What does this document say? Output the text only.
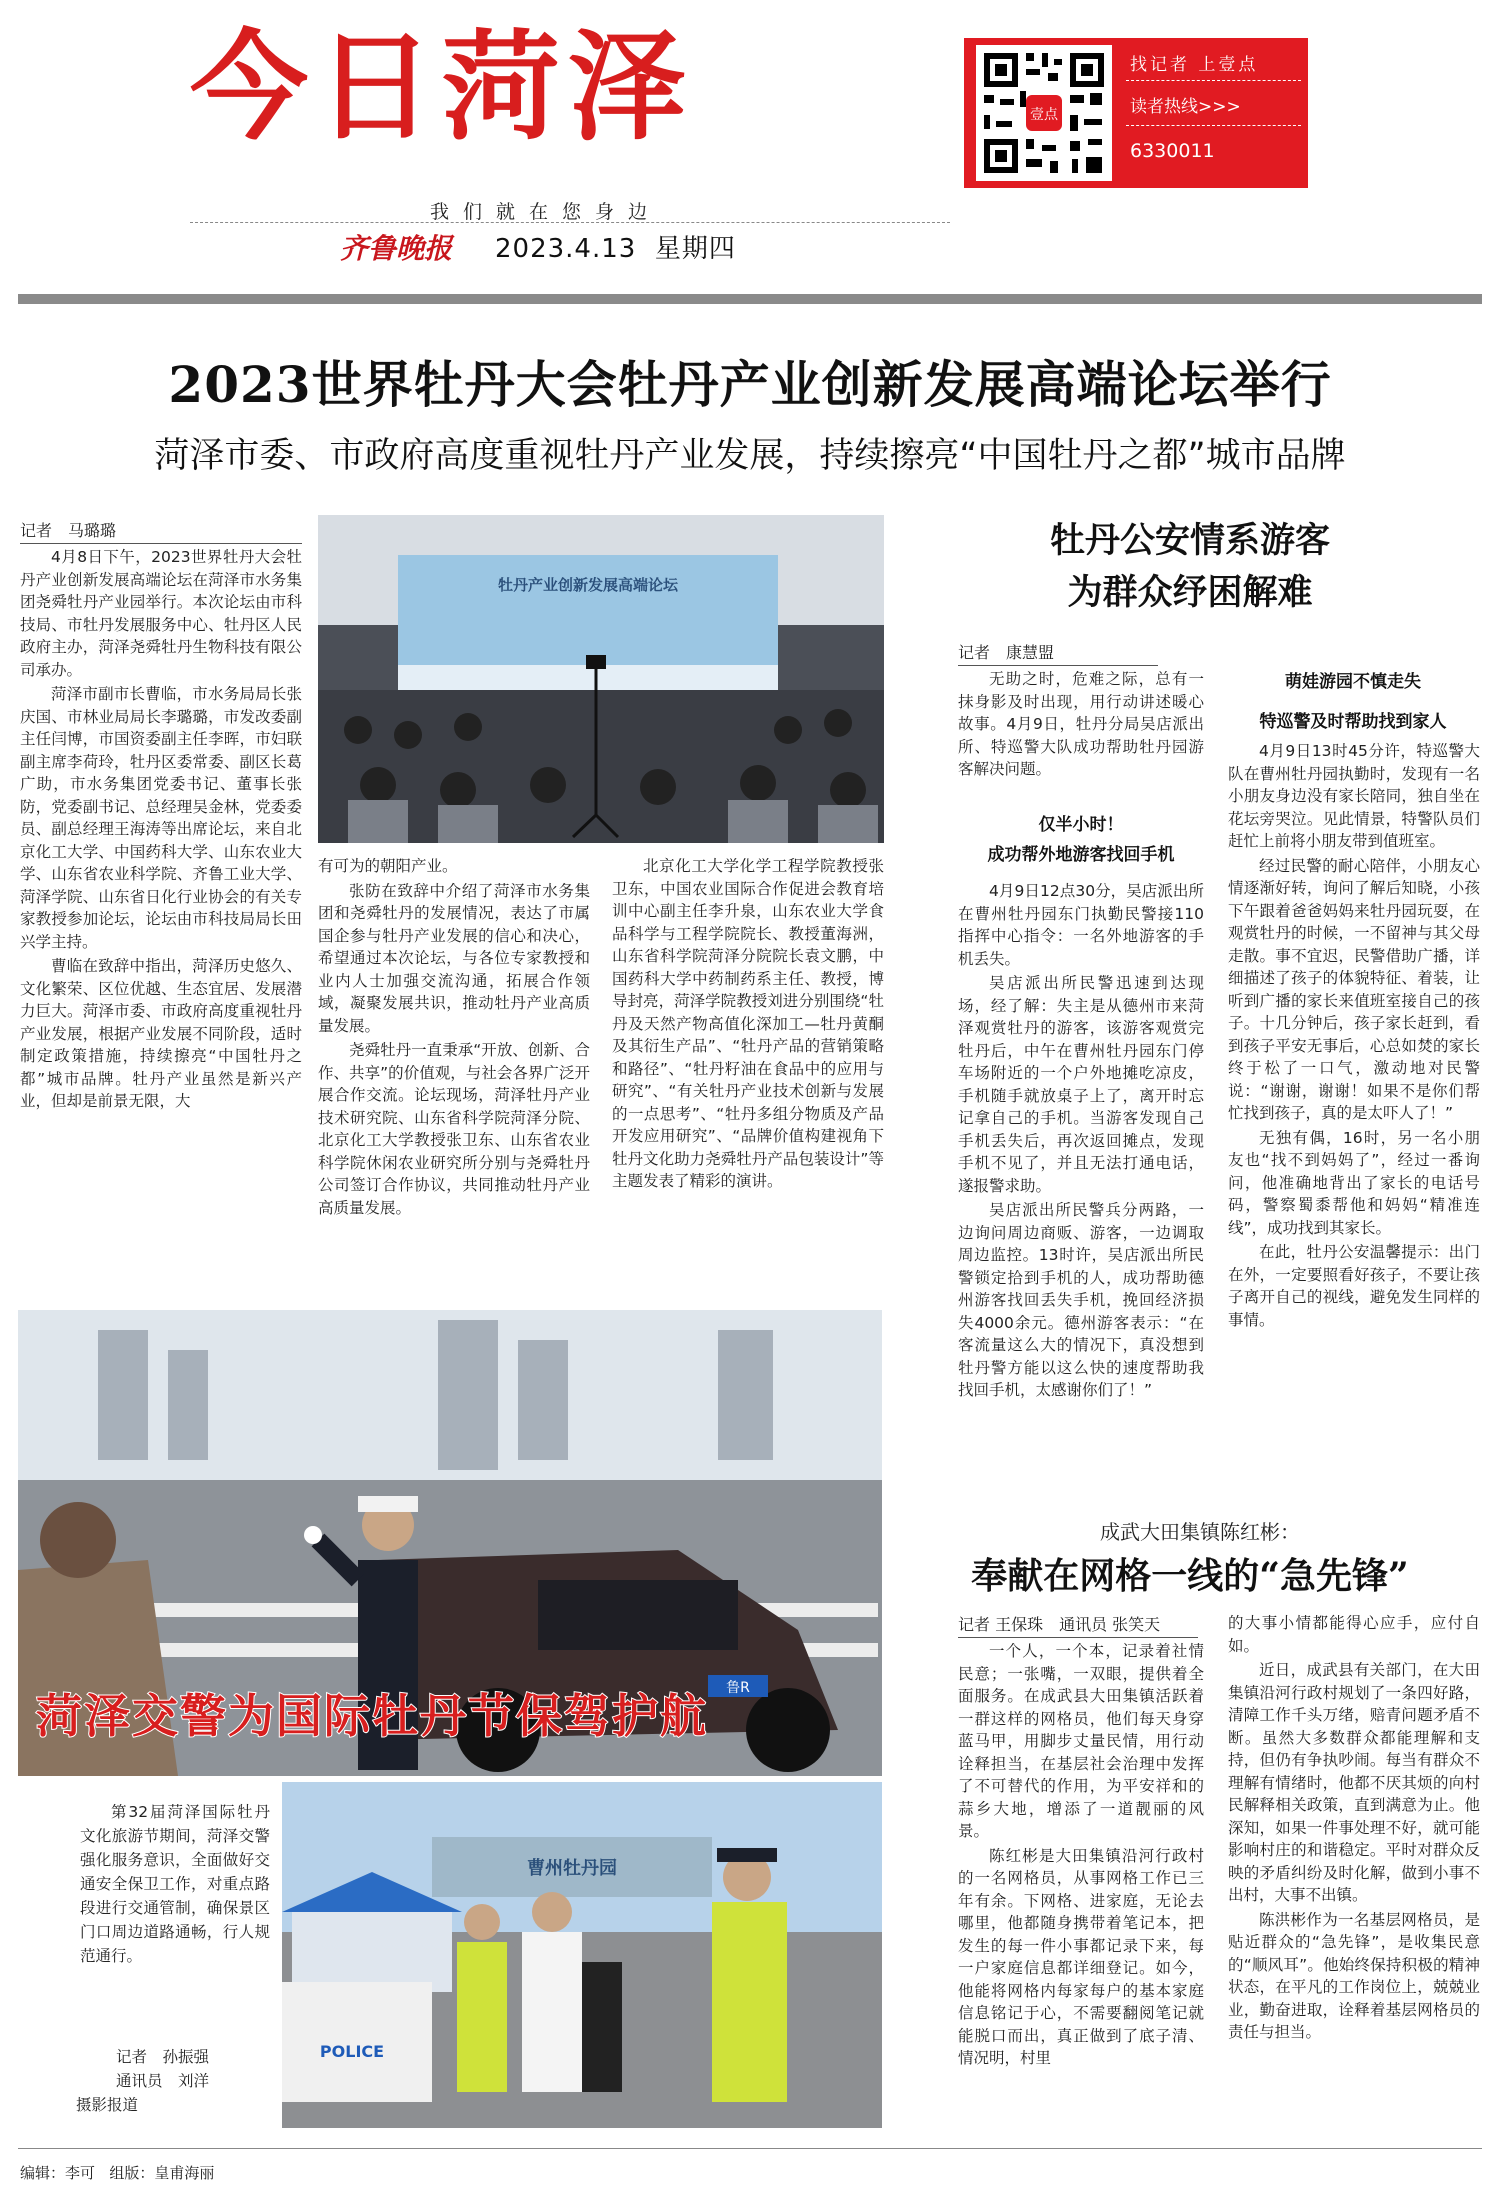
今日菏泽
我们就在您身边
齐鲁晚报 2023.4.13 星期四
壹点
找记者 上壹点
读者热线>>>
6330011
2023世界牡丹大会牡丹产业创新发展高端论坛举行
菏泽市委、市政府高度重视牡丹产业发展，持续擦亮“中国牡丹之都”城市品牌
记者　马璐璐

4月8日下午，2023世界牡丹大会牡丹产业创新发展高端论坛在菏泽市水务集团尧舜牡丹产业园举行。本次论坛由市科技局、市牡丹发展服务中心、牡丹区人民政府主办，菏泽尧舜牡丹生物科技有限公司承办。

菏泽市副市长曹临，市水务局局长张庆国、市林业局局长李璐璐，市发改委副主任闫博，市国资委副主任李晖，市妇联副主席李荷玲，牡丹区委常委、副区长葛广助，市水务集团党委书记、董事长张防，党委副书记、总经理吴金林，党委委员、副总经理王海涛等出席论坛，来自北京化工大学、中国药科大学、山东农业大学、山东省农业科学院、齐鲁工业大学、菏泽学院、山东省日化行业协会的有关专家教授参加论坛，论坛由市科技局局长田兴学主持。

曹临在致辞中指出，菏泽历史悠久、文化繁荣、区位优越、生态宜居、发展潜力巨大。菏泽市委、市政府高度重视牡丹产业发展，根据产业发展不同阶段，适时制定政策措施，持续擦亮“中国牡丹之都”城市品牌。牡丹产业虽然是新兴产业，但却是前景无限，大

牡丹产业创新发展高端论坛

有可为的朝阳产业。

张防在致辞中介绍了菏泽市水务集团和尧舜牡丹的发展情况，表达了市属国企参与牡丹产业发展的信心和决心，希望通过本次论坛，与各位专家教授和业内人士加强交流沟通，拓展合作领域，凝聚发展共识，推动牡丹产业高质量发展。

尧舜牡丹一直秉承“开放、创新、合作、共享”的价值观，与社会各界广泛开展合作交流。论坛现场，菏泽牡丹产业技术研究院、山东省科学院菏泽分院、北京化工大学教授张卫东、山东省农业科学院休闲农业研究所分别与尧舜牡丹公司签订合作协议，共同推动牡丹产业高质量发展。

北京化工大学化学工程学院教授张卫东，中国农业国际合作促进会教育培训中心副主任李升泉，山东农业大学食品科学与工程学院院长、教授董海洲，山东省科学院菏泽分院院长袁文鹏，中国药科大学中药制药系主任、教授，博导封亮，菏泽学院教授刘进分别围绕“牡丹及天然产物高值化深加工—牡丹黄酮及其衍生产品”、“牡丹产品的营销策略和路径”、“牡丹籽油在食品中的应用与研究”、“有关牡丹产业技术创新与发展的一点思考”、“牡丹多组分物质及产品开发应用研究”、“品牌价值构建视角下牡丹文化助力尧舜牡丹产品包装设计”等主题发表了精彩的演讲。

牡丹公安情系游客
为群众纾困解难
记者　康慧盟

无助之时，危难之际，总有一抹身影及时出现，用行动讲述暖心故事。4月9日，牡丹分局吴店派出所、特巡警大队成功帮助牡丹园游客解决问题。

仅半小时！
成功帮外地游客找回手机

4月9日12点30分，吴店派出所在曹州牡丹园东门执勤民警接110指挥中心指令：一名外地游客的手机丢失。

吴店派出所民警迅速到达现场，经了解：失主是从德州市来菏泽观赏牡丹的游客，该游客观赏完牡丹后，中午在曹州牡丹园东门停车场附近的一个户外地摊吃凉皮，手机随手就放桌子上了，离开时忘记拿自己的手机。当游客发现自己手机丢失后，再次返回摊点，发现手机不见了，并且无法打通电话，遂报警求助。

吴店派出所民警兵分两路，一边询问周边商贩、游客，一边调取周边监控。13时许，吴店派出所民警锁定拾到手机的人，成功帮助德州游客找回丢失手机，挽回经济损失4000余元。德州游客表示：“在客流量这么大的情况下，真没想到牡丹警方能以这么快的速度帮助我找回手机，太感谢你们了！”

萌娃游园不慎走失
特巡警及时帮助找到家人

4月9日13时45分许，特巡警大队在曹州牡丹园执勤时，发现有一名小朋友身边没有家长陪同，独自坐在花坛旁哭泣。见此情景，特警队员们赶忙上前将小朋友带到值班室。

经过民警的耐心陪伴，小朋友心情逐渐好转，询问了解后知晓，小孩下午跟着爸爸妈妈来牡丹园玩耍，在观赏牡丹的时候，一不留神与其父母走散。事不宜迟，民警借助广播，详细描述了孩子的体貌特征、着装，让听到广播的家长来值班室接自己的孩子。十几分钟后，孩子家长赶到，看到孩子平安无事后，心总如焚的家长终于松了一口气，激动地对民警说：“谢谢，谢谢！如果不是你们帮忙找到孩子，真的是太吓人了！”

无独有偶，16时，另一名小朋友也“找不到妈妈了”，经过一番询问，他准确地背出了家长的电话号码，警察蜀黍帮他和妈妈“精准连线”，成功找到其家长。

在此，牡丹公安温馨提示：出门在外，一定要照看好孩子，不要让孩子离开自己的视线，避免发生同样的事情。

鲁R
菏泽交警为国际牡丹节保驾护航

第32届菏泽国际牡丹文化旅游节期间，菏泽交警强化服务意识，全面做好交通安全保卫工作，对重点路段进行交通管制，确保景区门口周边道路通畅，行人规范通行。

记者　孙振强
通讯员　刘洋
摄影报道
曹州牡丹园
POLICE
成武大田集镇陈红彬：
奉献在网格一线的“急先锋”
记者 王保珠　通讯员 张笑天

一个人，一个本，记录着社情民意；一张嘴，一双眼，提供着全面服务。在成武县大田集镇活跃着一群这样的网格员，他们每天身穿蓝马甲，用脚步丈量民情，用行动诠释担当，在基层社会治理中发挥了不可替代的作用，为平安祥和的蒜乡大地，增添了一道靓丽的风景。

陈红彬是大田集镇沿河行政村的一名网格员，从事网格工作已三年有余。下网格、进家庭，无论去哪里，他都随身携带着笔记本，把发生的每一件小事都记录下来，每一户家庭信息都详细登记。如今，他能将网格内每家每户的基本家庭信息铭记于心，不需要翻阅笔记就能脱口而出，真正做到了底子清、情况明，村里

的大事小情都能得心应手，应付自如。

近日，成武县有关部门，在大田集镇沿河行政村规划了一条四好路，清障工作千头万绪，赔青问题矛盾不断。虽然大多数群众都能理解和支持，但仍有争执吵闹。每当有群众不理解有情绪时，他都不厌其烦的向村民解释相关政策，直到满意为止。他深知，如果一件事处理不好，就可能影响村庄的和谐稳定。平时对群众反映的矛盾纠纷及时化解，做到小事不出村，大事不出镇。

陈洪彬作为一名基层网格员，是贴近群众的“急先锋”，是收集民意的“顺风耳”。他始终保持积极的精神状态，在平凡的工作岗位上，兢兢业业，勤奋进取，诠释着基层网格员的责任与担当。

编辑：李可 组版：皇甫海丽
